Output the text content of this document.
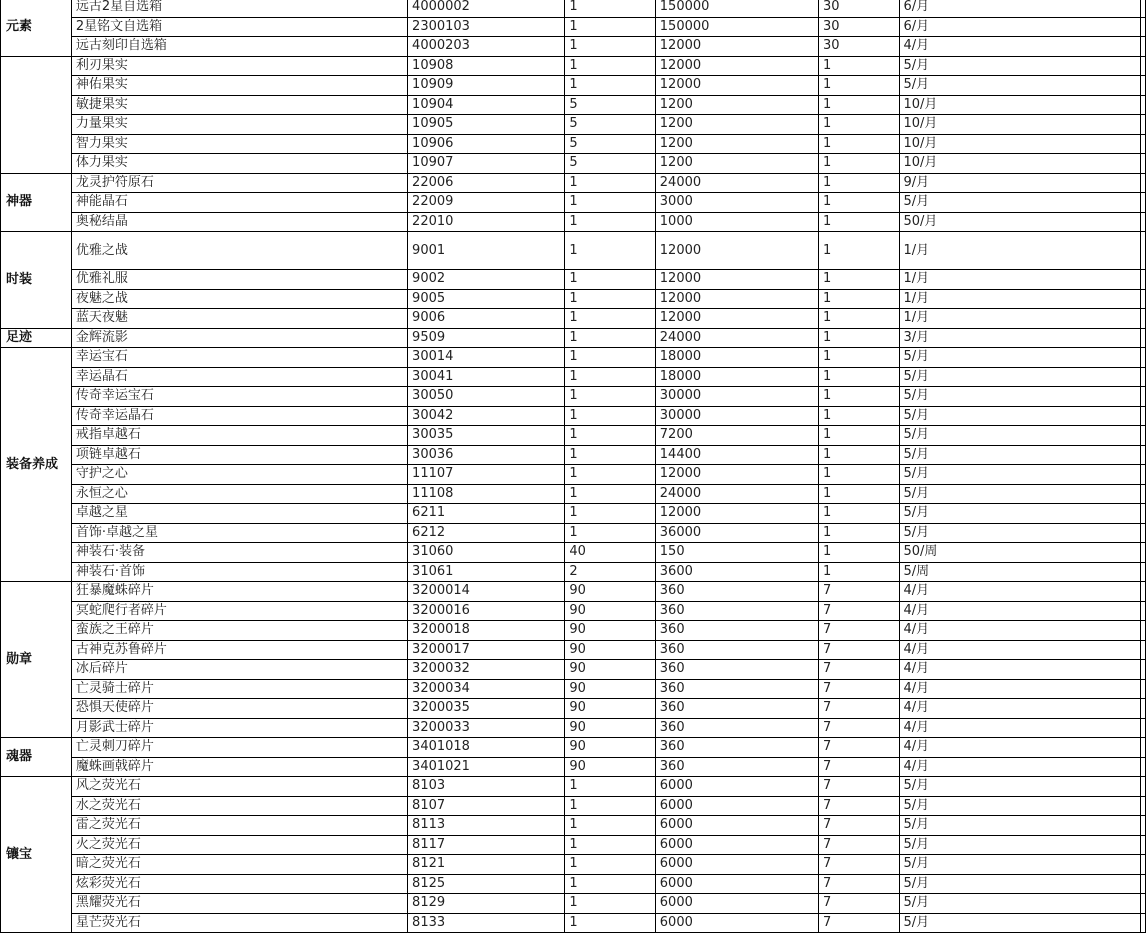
元素	远古2星自选箱	4000002	1	150000	30	6/月	
	2星铭文自选箱	2300103	1	150000	30	6/月	
	远古刻印自选箱	4000203	1	12000	30	4/月	
	利刃果实	10908	1	12000	1	5/月	
	神佑果实	10909	1	12000	1	5/月	
	敏捷果实	10904	5	1200	1	10/月	
	力量果实	10905	5	1200	1	10/月	
	智力果实	10906	5	1200	1	10/月	
	体力果实	10907	5	1200	1	10/月	
神器	龙灵护符原石	22006	1	24000	1	9/月	
	神能晶石	22009	1	3000	1	5/月	
	奥秘结晶	22010	1	1000	1	50/月	
时装	优雅之战	9001	1	12000	1	1/月	
	优雅礼服	9002	1	12000	1	1/月	
	夜魅之战	9005	1	12000	1	1/月	
	蓝天夜魅	9006	1	12000	1	1/月	
足迹	金辉流影	9509	1	24000	1	3/月	
装备养成	幸运宝石	30014	1	18000	1	5/月	
	幸运晶石	30041	1	18000	1	5/月	
	传奇幸运宝石	30050	1	30000	1	5/月	
	传奇幸运晶石	30042	1	30000	1	5/月	
	戒指卓越石	30035	1	7200	1	5/月	
	项链卓越石	30036	1	14400	1	5/月	
	守护之心	11107	1	12000	1	5/月	
	永恒之心	11108	1	24000	1	5/月	
	卓越之星	6211	1	12000	1	5/月	
	首饰·卓越之星	6212	1	36000	1	5/月	
	神装石·装备	31060	40	150	1	50/周	
	神装石·首饰	31061	2	3600	1	5/周	
勋章	狂暴魔蛛碎片	3200014	90	360	7	4/月	
	冥蛇爬行者碎片	3200016	90	360	7	4/月	
	蛮族之王碎片	3200018	90	360	7	4/月	
	古神克苏鲁碎片	3200017	90	360	7	4/月	
	冰后碎片	3200032	90	360	7	4/月	
	亡灵骑士碎片	3200034	90	360	7	4/月	
	恐惧天使碎片	3200035	90	360	7	4/月	
	月影武士碎片	3200033	90	360	7	4/月	
魂器	亡灵刺刀碎片	3401018	90	360	7	4/月	
	魔蛛画戟碎片	3401021	90	360	7	4/月	
镶宝	风之荧光石	8103	1	6000	7	5/月	
	水之荧光石	8107	1	6000	7	5/月	
	雷之荧光石	8113	1	6000	7	5/月	
	火之荧光石	8117	1	6000	7	5/月	
	暗之荧光石	8121	1	6000	7	5/月	
	炫彩荧光石	8125	1	6000	7	5/月	
	黑耀荧光石	8129	1	6000	7	5/月	
	星芒荧光石	8133	1	6000	7	5/月	
